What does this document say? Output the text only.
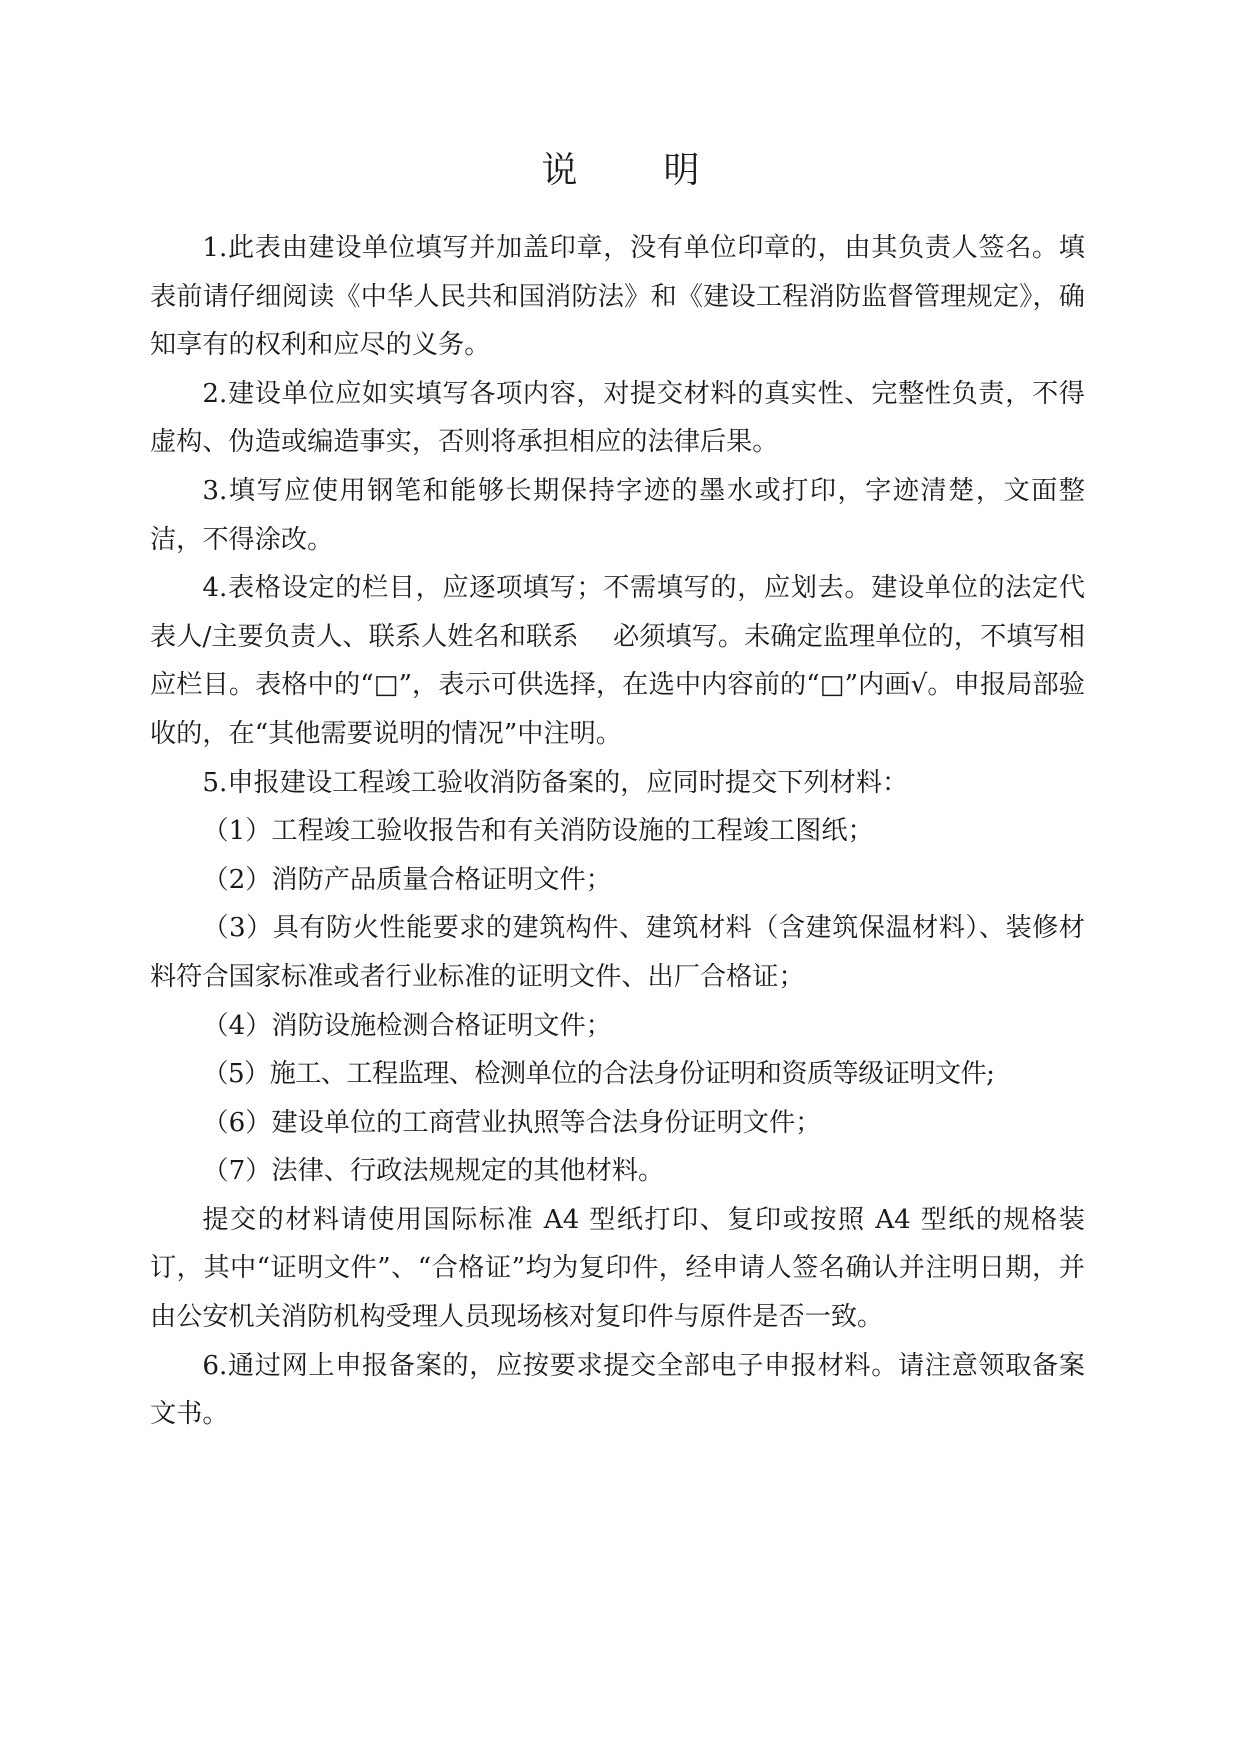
说 明

1.此表由建设单位填写并加盖印章，没有单位印章的，由其负责人签名。填表前请仔细阅读《中华人民共和国消防法》和《建设工程消防监督管理规定》，确知享有的权利和应尽的义务。

2.建设单位应如实填写各项内容，对提交材料的真实性、完整性负责，不得虚构、伪造或编造事实，否则将承担相应的法律后果。

3.填写应使用钢笔和能够长期保持字迹的墨水或打印，字迹清楚，文面整洁，不得涂改。

4.表格设定的栏目，应逐项填写；不需填写的，应划去。建设单位的法定代表人/主要负责人、联系人姓名和联系　 必须填写。未确定监理单位的，不填写相应栏目。表格中的“□”，表示可供选择，在选中内容前的“□”内画√。申报局部验收的，在“其他需要说明的情况”中注明。

5.申报建设工程竣工验收消防备案的，应同时提交下列材料：

（1）工程竣工验收报告和有关消防设施的工程竣工图纸；

（2）消防产品质量合格证明文件；

（3）具有防火性能要求的建筑构件、建筑材料（含建筑保温材料）、装修材料符合国家标准或者行业标准的证明文件、出厂合格证；

（4）消防设施检测合格证明文件；

（5）施工、工程监理、检测单位的合法身份证明和资质等级证明文件;

（6）建设单位的工商营业执照等合法身份证明文件；

（7）法律、行政法规规定的其他材料。

提交的材料请使用国际标准 A4 型纸打印、复印或按照 A4 型纸的规格装订，其中“证明文件”、“合格证”均为复印件，经申请人签名确认并注明日期，并由公安机关消防机构受理人员现场核对复印件与原件是否一致。

6.通过网上申报备案的，应按要求提交全部电子申报材料。请注意领取备案文书。
